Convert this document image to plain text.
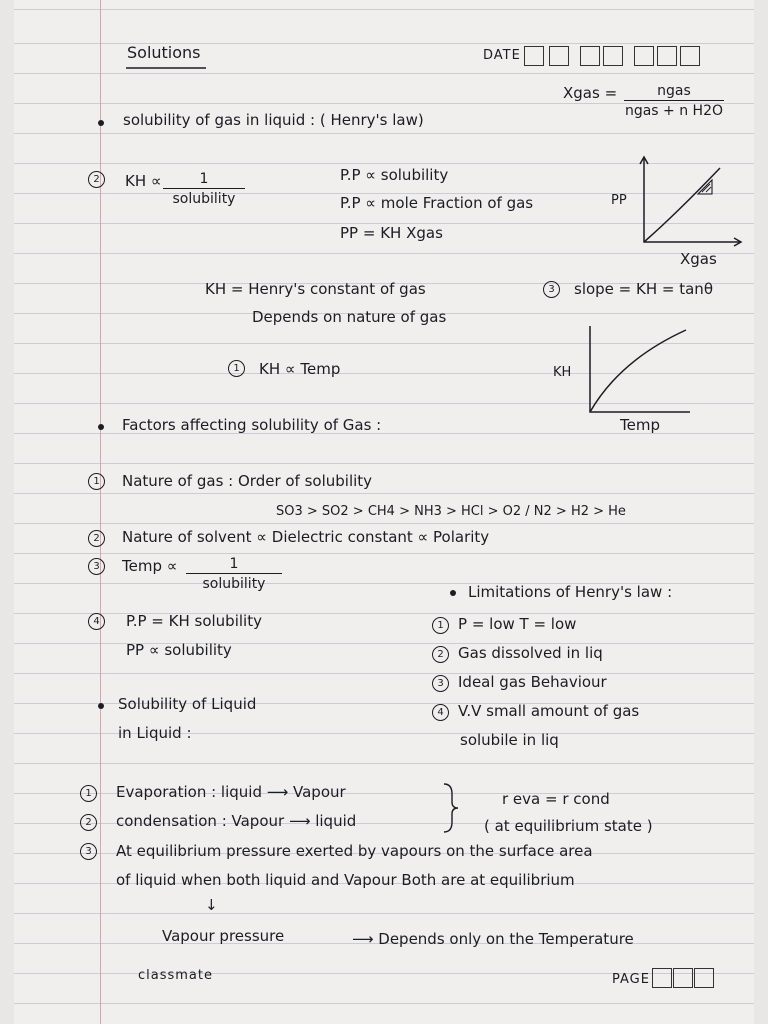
Solutions	DATE
Xgas =	ngas
ngas + n H2O
solubility of gas in liquid : ( Henry's law)
2	KH ∝	1
solubility
P.P ∝ solubility
P.P ∝ mole Fraction of gas
PP = KH Xgas
PP
Xgas
KH = Henry's constant of gas	3	slope = KH = tanθ
Depends on nature of gas
1	KH ∝ Temp	KH
Temp
Factors affecting solubility of Gas :
1	Nature of gas : Order of solubility
SO3 > SO2 > CH4 > NH3 > HCl > O2 / N2 > H2 > He
2	Nature of solvent ∝ Dielectric constant ∝ Polarity
3	Temp ∝	1
solubility
4	P.P = KH solubility
PP ∝ solubility
Limitations of Henry's law :
1 P = low T = low
2 Gas dissolved in liq
3 Ideal gas Behaviour
4 V.V small amount of gas
solubile in liq
Solubility of Liquid
in Liquid :
1	Evaporation : liquid ⟶ Vapour
2	condensation : Vapour ⟶ liquid
r eva = r cond
( at equilibrium state )
3	At equilibrium pressure exerted by vapours on the surface area
of liquid when both liquid and Vapour Both are at equilibrium
↓
Vapour pressure	⟶ Depends only on the Temperature
classmate	PAGE
